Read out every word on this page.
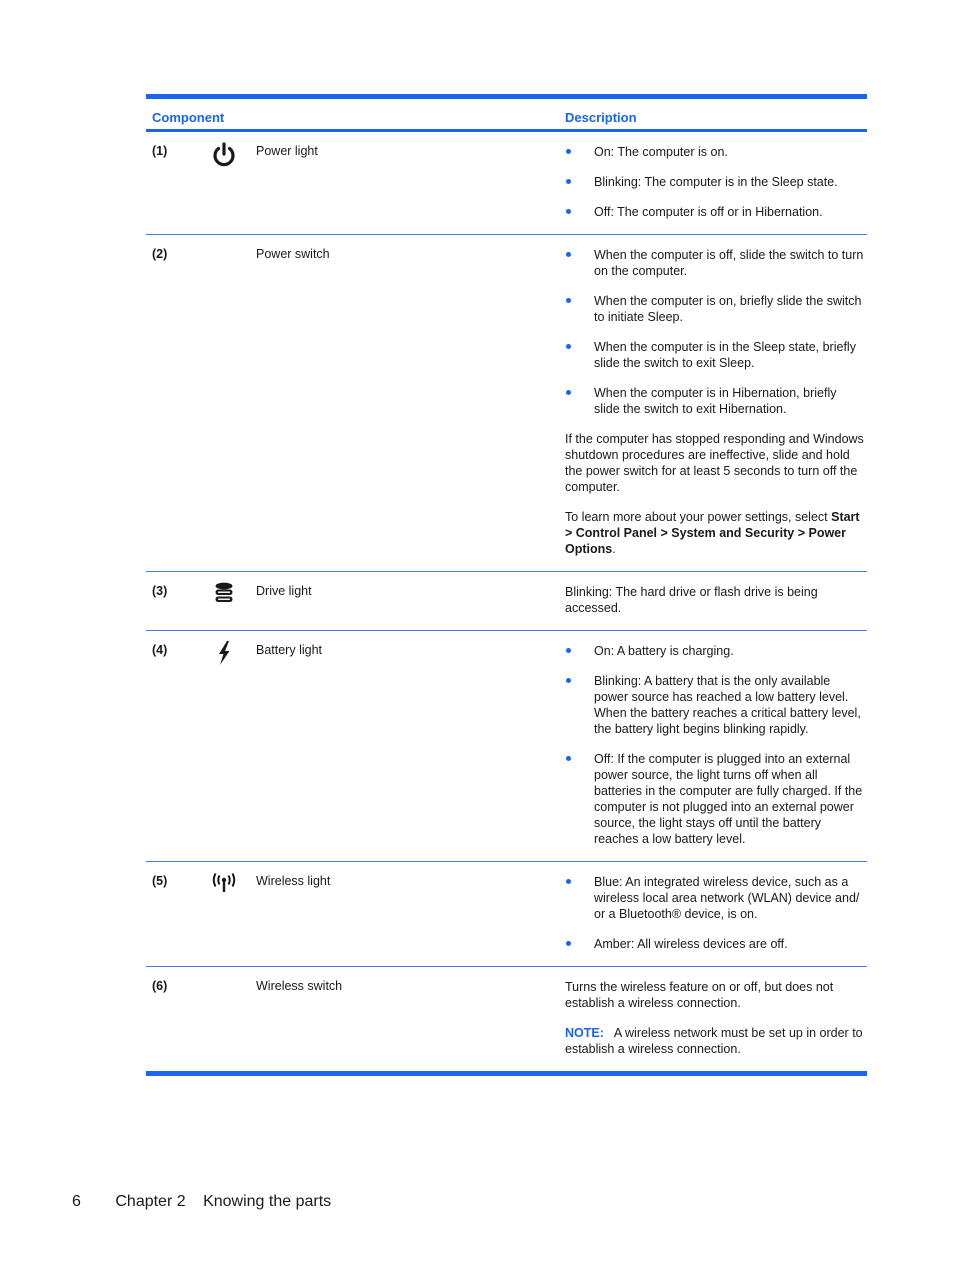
Component	Description
(1)	Power light	On: The computer is on.
Blinking: The computer is in the Sleep state.
Off: The computer is off or in Hibernation.
(2)	Power switch	When the computer is off, slide the switch to turn on the computer.
When the computer is on, briefly slide the switch to initiate Sleep.
When the computer is in the Sleep state, briefly slide the switch to exit Sleep.
When the computer is in Hibernation, briefly slide the switch to exit Hibernation.
If the computer has stopped responding and Windows shutdown procedures are ineffective, slide and hold the power switch for at least 5 seconds to turn off the computer.
To learn more about your power settings, select Start > Control Panel > System and Security > Power Options.
(3)	Drive light	Blinking: The hard drive or flash drive is being accessed.
(4)	Battery light	On: A battery is charging.
Blinking: A battery that is the only available power source has reached a low battery level. When the battery reaches a critical battery level, the battery light begins blinking rapidly.
Off: If the computer is plugged into an external power source, the light turns off when all batteries in the computer are fully charged. If the computer is not plugged into an external power source, the light stays off until the battery reaches a low battery level.
(5)	Wireless light	Blue: An integrated wireless device, such as a wireless local area network (WLAN) device and/ or a Bluetooth® device, is on.
Amber: All wireless devices are off.
(6)	Wireless switch	Turns the wireless feature on or off, but does not establish a wireless connection.
NOTE: A wireless network must be set up in order to establish a wireless connection.
6 Chapter 2 Knowing the parts
